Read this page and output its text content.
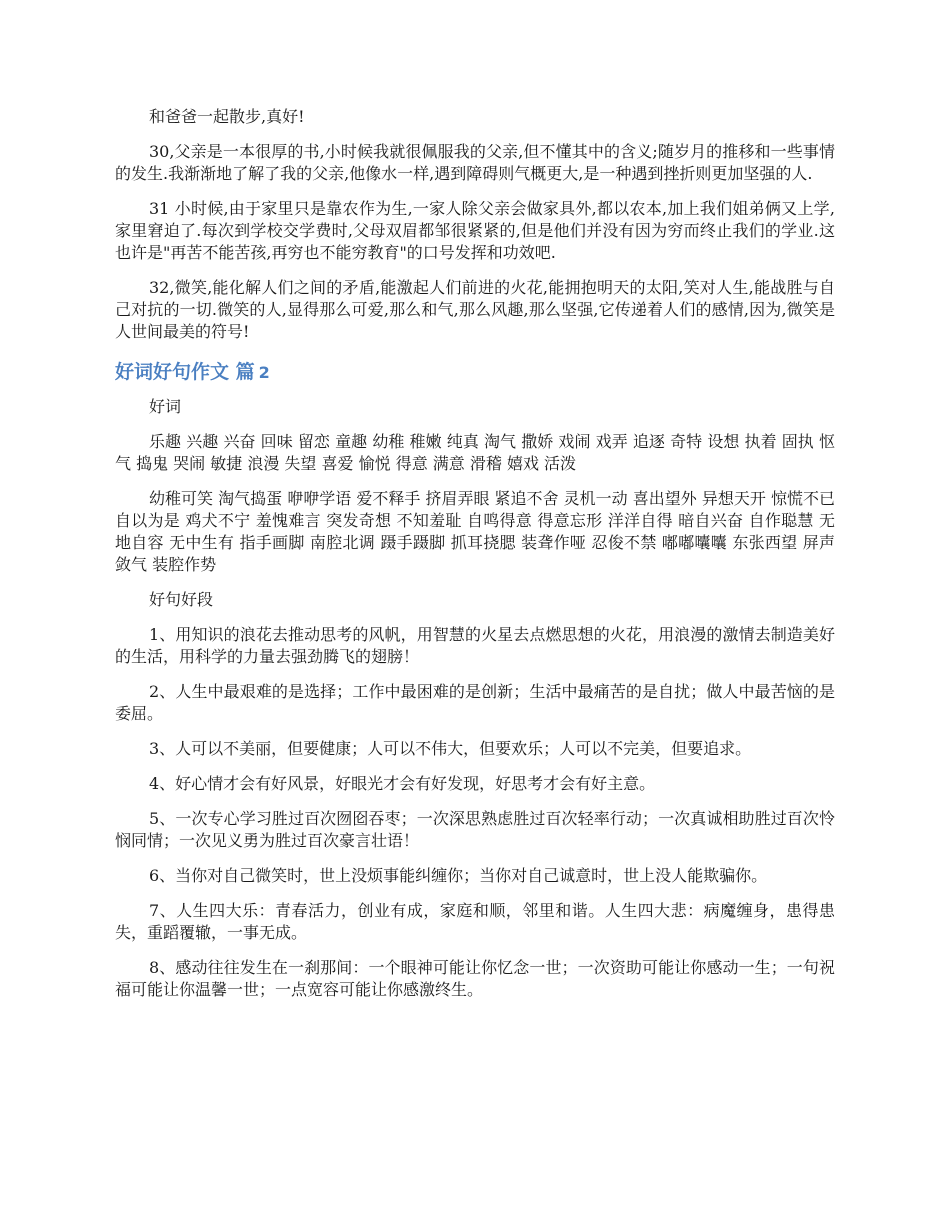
和爸爸一起散步,真好!

30,父亲是一本很厚的书,小时候我就很佩服我的父亲,但不懂其中的含义;随岁月的推移和一些事情的发生.我渐渐地了解了我的父亲,他像水一样,遇到障碍则气概更大,是一种遇到挫折则更加坚强的人.

31 小时候,由于家里只是靠农作为生,一家人除父亲会做家具外,都以农本,加上我们姐弟俩又上学,家里窘迫了.每次到学校交学费时,父母双眉都邹很紧紧的,但是他们并没有因为穷而终止我们的学业.这也许是"再苦不能苦孩,再穷也不能穷教育"的口号发挥和功效吧.

32,微笑,能化解人们之间的矛盾,能激起人们前进的火花,能拥抱明天的太阳,笑对人生,能战胜与自己对抗的一切.微笑的人,显得那么可爱,那么和气,那么风趣,那么坚强,它传递着人们的感情,因为,微笑是人世间最美的符号!

好词好句作文 篇 2

好词

乐趣 兴趣 兴奋 回味 留恋 童趣 幼稚 稚嫩 纯真 淘气 撒娇 戏闹 戏弄 追逐 奇特 设想 执着 固执 怄气 捣鬼 哭闹 敏捷 浪漫 失望 喜爱 愉悦 得意 满意 滑稽 嬉戏 活泼

幼稚可笑 淘气捣蛋 咿咿学语 爱不释手 挤眉弄眼 紧追不舍 灵机一动 喜出望外 异想天开 惊慌不已 自以为是 鸡犬不宁 羞愧难言 突发奇想 不知羞耻 自鸣得意 得意忘形 洋洋自得 暗自兴奋 自作聪慧 无地自容 无中生有 指手画脚 南腔北调 蹑手蹑脚 抓耳挠腮 装聋作哑 忍俊不禁 嘟嘟囔囔 东张西望 屏声敛气 装腔作势

好句好段

1、用知识的浪花去推动思考的风帆，用智慧的火星去点燃思想的火花，用浪漫的激情去制造美好的生活，用科学的力量去强劲腾飞的翅膀！

2、人生中最艰难的是选择；工作中最困难的是创新；生活中最痛苦的是自扰；做人中最苦恼的是委屈。

3、人可以不美丽，但要健康；人可以不伟大，但要欢乐；人可以不完美，但要追求。

4、好心情才会有好风景，好眼光才会有好发现，好思考才会有好主意。

5、一次专心学习胜过百次囫囵吞枣；一次深思熟虑胜过百次轻率行动；一次真诚相助胜过百次怜悯同情；一次见义勇为胜过百次豪言壮语！

6、当你对自己微笑时，世上没烦事能纠缠你；当你对自己诚意时，世上没人能欺骗你。

7、人生四大乐：青春活力，创业有成，家庭和顺，邻里和谐。人生四大悲：病魔缠身，患得患失，重蹈覆辙，一事无成。

8、感动往往发生在一刹那间：一个眼神可能让你忆念一世；一次资助可能让你感动一生；一句祝福可能让你温馨一世；一点宽容可能让你感激终生。
